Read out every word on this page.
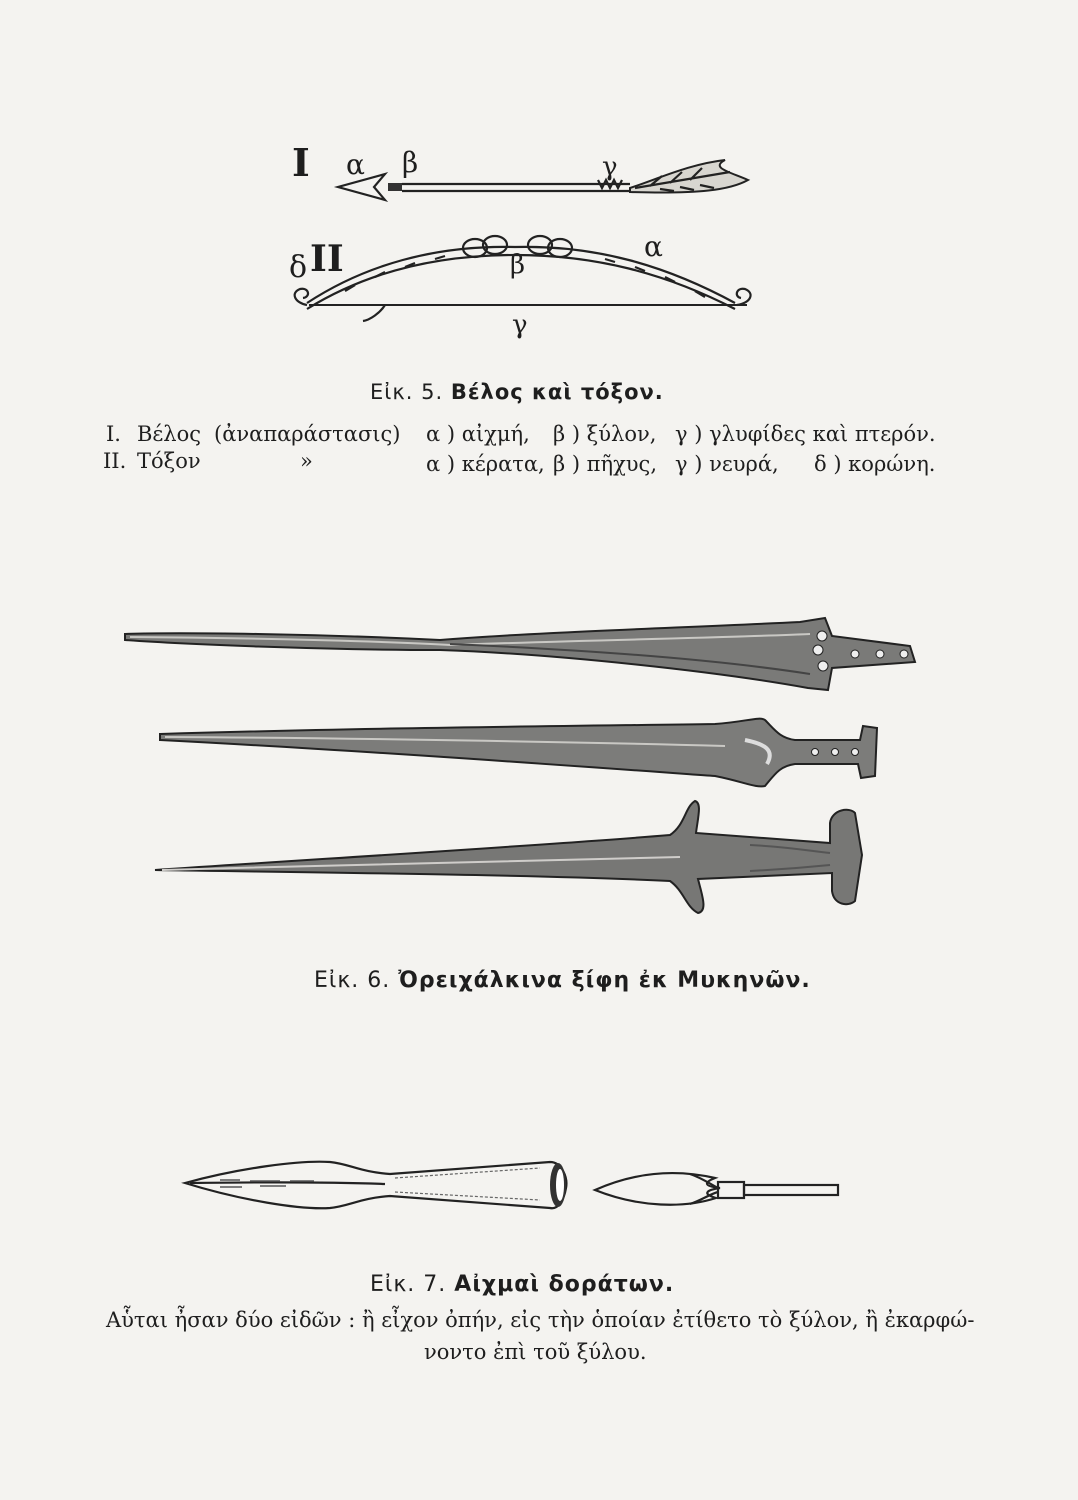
I α β	γ
δ II	α
β
γ
Εἰκ. 5. Βέλος καὶ τόξον.
I. Βέλος (ἀναπαράστασις) α ) αἰχμή, β ) ξύλον, γ ) γλυφίδες καὶ πτερόν.
II. Τόξον	»	α ) κέρατα, β ) πῆχυς, γ ) νευρά, δ ) κορώνη.
Εἰκ. 6. Ὀρειχάλκινα ξίφη ἐκ Μυκηνῶν.
Εἰκ. 7. Αἰχμαὶ δοράτων.
Αὗται ἦσαν δύο εἰδῶν : ἢ εἶχον ὀπήν, εἰς τὴν ὁποίαν ἐτίθετο τὸ ξύλον, ἢ ἐκαρφώ-
νοντο ἐπὶ τοῦ ξύλου.
